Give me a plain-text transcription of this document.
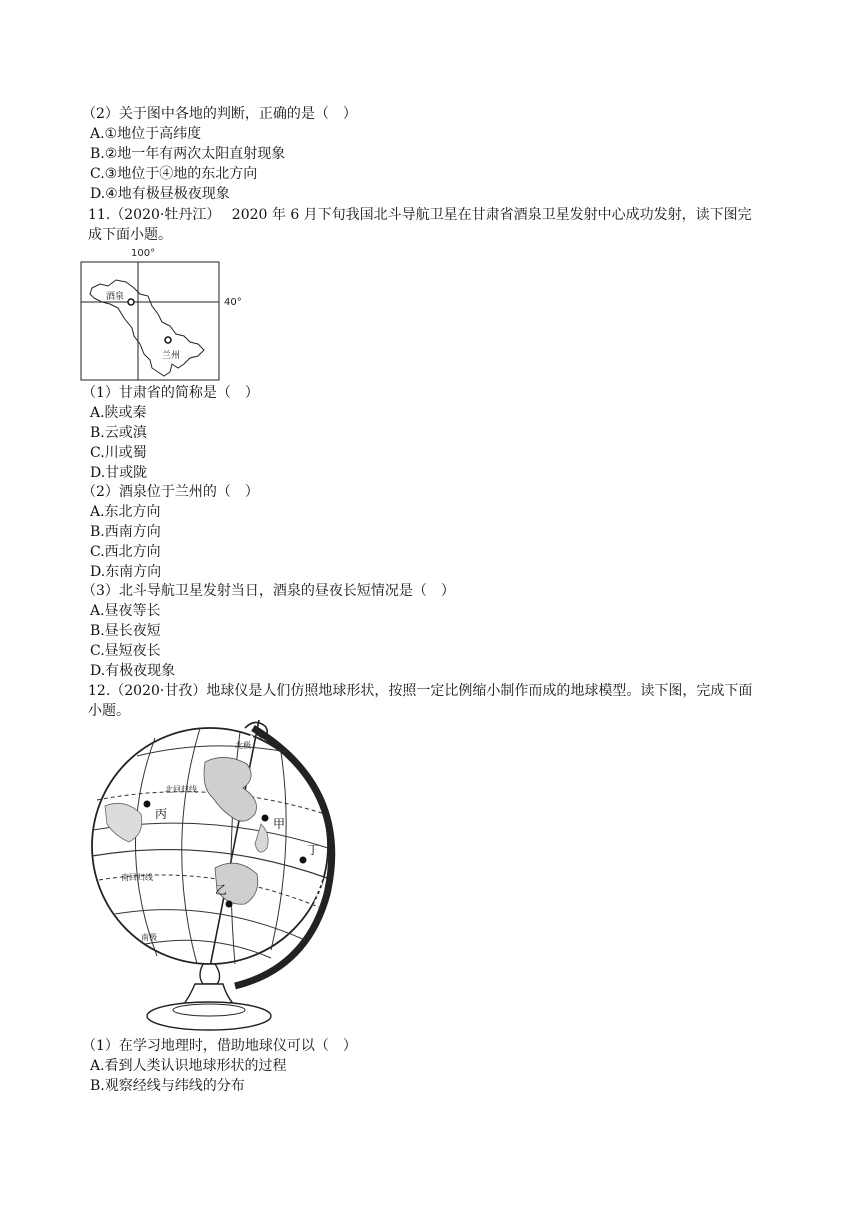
（2）关于图中各地的判断，正确的是（　）
A.①地位于高纬度
B.②地一年有两次太阳直射现象
C.③地位于④地的东北方向
D.④地有极昼极夜现象
11.（2020·牡丹江）　 2020 年 6 月下旬我国北斗导航卫星在甘肃省酒泉卫星发射中心成功发射，读下图完
成下面小题。
100°
40°
酒泉
兰州
（1）甘肃省的简称是（　）
A.陕或秦
B.云或滇
C.川或蜀
D.甘或陇
（2）酒泉位于兰州的（　）
A.东北方向
B.西南方向
C.西北方向
D.东南方向
（3）北斗导航卫星发射当日，酒泉的昼夜长短情况是（　）
A.昼夜等长
B.昼长夜短
C.昼短夜长
D.有极夜现象
12.（2020·甘孜）地球仪是人们仿照地球形状，按照一定比例缩小制作而成的地球模型。读下图，完成下面
小题。
北极
北回归线
南回归线
南极
甲
乙
丙
丁
（1）在学习地理时，借助地球仪可以（　）
A.看到人类认识地球形状的过程
B.观察经线与纬线的分布
